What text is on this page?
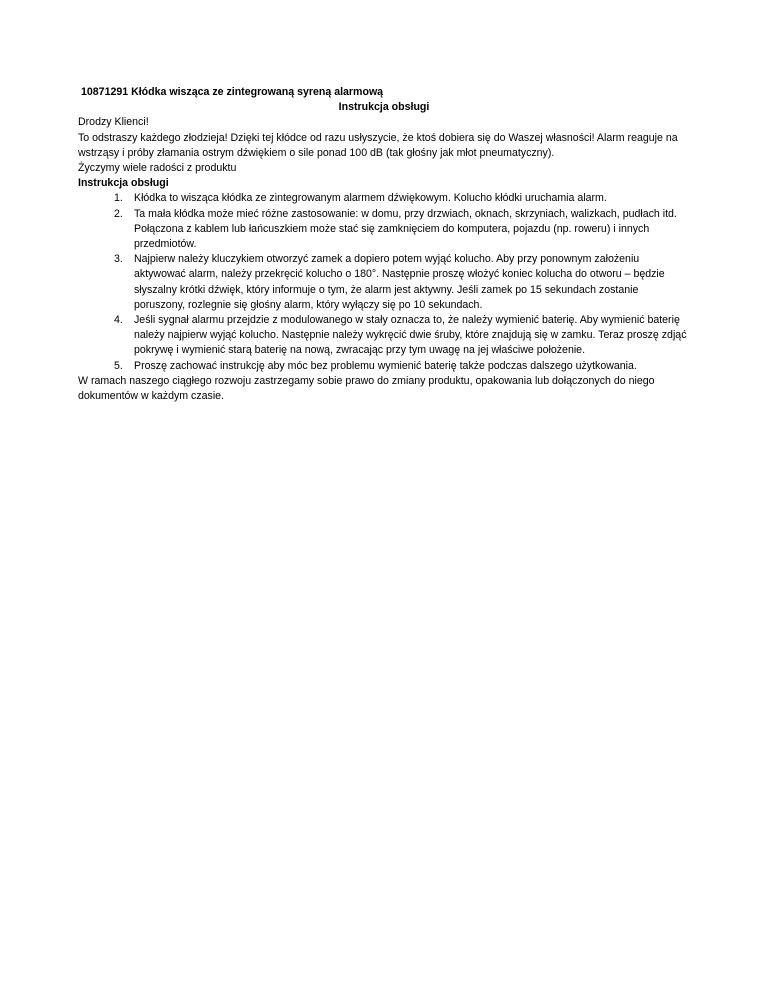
10871291 Kłódka wisząca ze zintegrowaną syreną alarmową

Instrukcja obsługi

Drodzy Klienci!

To odstraszy każdego złodzieja! Dzięki tej kłódce od razu usłyszycie, że ktoś dobiera się do Waszej własności! Alarm reaguje na wstrząsy i próby złamania ostrym dźwiękiem o sile ponad 100 dB (tak głośny jak młot pneumatyczny).

Życzymy wiele radości z produktu

Instrukcja obsługi

1. Kłódka to wisząca kłódka ze zintegrowanym alarmem dźwiękowym. Kolucho kłódki uruchamia alarm.
2. Ta mała kłódka może mieć różne zastosowanie: w domu, przy drzwiach, oknach, skrzyniach, walizkach, pudłach itd. Połączona z kablem lub łańcuszkiem może stać się zamknięciem do komputera, pojazdu (np. roweru) i innych przedmiotów.
3. Najpierw należy kluczykiem otworzyć zamek a dopiero potem wyjąć kolucho. Aby przy ponownym założeniu aktywować alarm, należy przekręcić kolucho o 180°. Następnie proszę włożyć koniec kolucha do otworu – będzie słyszalny krótki dźwięk, który informuje o tym, że alarm jest aktywny. Jeśli zamek po 15 sekundach zostanie poruszony, rozlegnie się głośny alarm, który wyłączy się po 10 sekundach.
4. Jeśli sygnał alarmu przejdzie z modulowanego w stały oznacza to, że należy wymienić baterię. Aby wymienić baterię należy najpierw wyjąć kolucho. Następnie należy wykręcić dwie śruby, które znajdują się w zamku. Teraz proszę zdjąć pokrywę i wymienić starą baterię na nową, zwracając przy tym uwagę na jej właściwe położenie.
5. Proszę zachować instrukcję aby móc bez problemu wymienić baterię także podczas dalszego użytkowania.

W ramach naszego ciągłego rozwoju zastrzegamy sobie prawo do zmiany produktu, opakowania lub dołączonych do niego dokumentów w każdym czasie.
